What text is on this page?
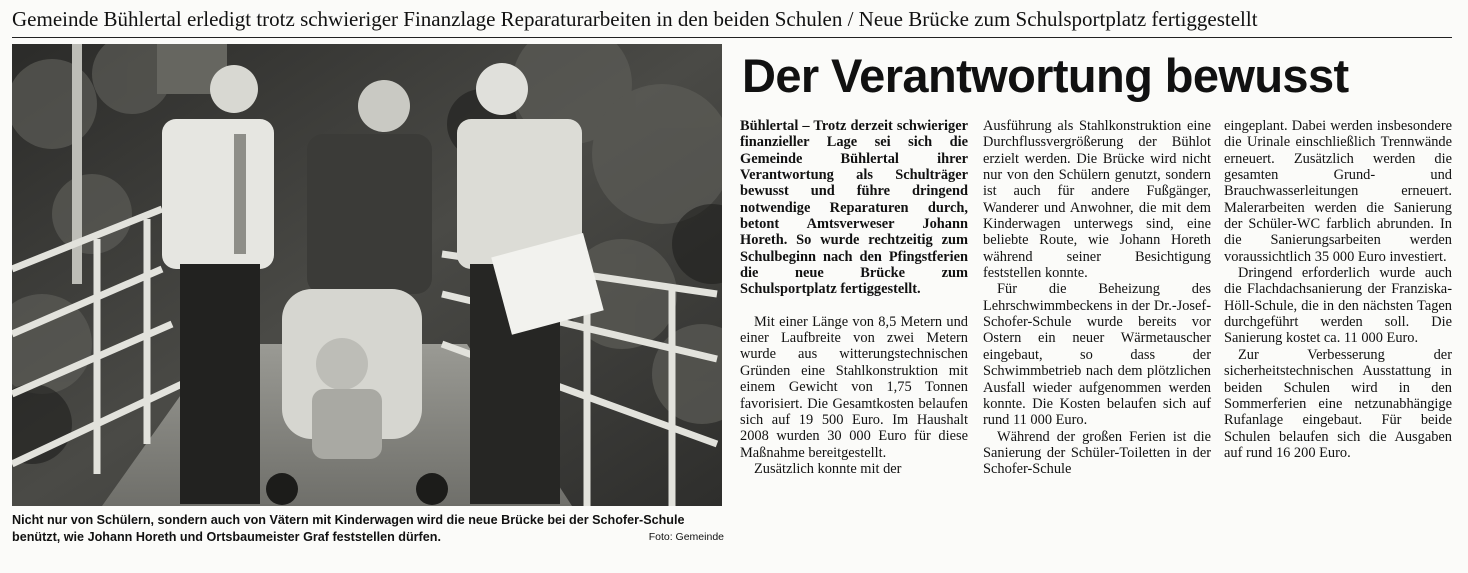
Gemeinde Bühlertal erledigt trotz schwieriger Finanzlage Reparaturarbeiten in den beiden Schulen / Neue Brücke zum Schulsportplatz fertiggestellt
Nicht nur von Schülern, sondern auch von Vätern mit Kinderwagen wird die neue Brücke bei der Schofer-Schule benützt, wie Johann Horeth und Ortsbaumeister Graf feststellen dürfen.	Foto: Gemeinde
Der Verantwortung bewusst

Bühlertal – Trotz derzeit schwieriger finanzieller Lage sei sich die Gemeinde Bühlertal ihrer Verantwortung als Schulträger bewusst und führe dringend notwendige Reparaturen durch, betont Amtsverweser Johann Horeth. So wurde rechtzeitig zum Schulbeginn nach den Pfingstferien die neue Brücke zum Schulsportplatz fertiggestellt.

Mit einer Länge von 8,5 Metern und einer Laufbreite von zwei Metern wurde aus witterungstechnischen Gründen eine Stahlkonstruktion mit einem Gewicht von 1,75 Tonnen favorisiert. Die Gesamtkosten belaufen sich auf 19 500 Euro. Im Haushalt 2008 wurden 30 000 Euro für diese Maßnahme bereitgestellt.

Zusätzlich konnte mit der

Ausführung als Stahlkonstruktion eine Durchflussvergrößerung der Bühlot erzielt werden. Die Brücke wird nicht nur von den Schülern genutzt, sondern ist auch für andere Fußgänger, Wanderer und Anwohner, die mit dem Kinderwagen unterwegs sind, eine beliebte Route, wie Johann Horeth während seiner Besichtigung feststellen konnte.

Für die Beheizung des Lehrschwimmbeckens in der Dr.-Josef-Schofer-Schule wurde bereits vor Ostern ein neuer Wärmetauscher eingebaut, so dass der Schwimmbetrieb nach dem plötzlichen Ausfall wieder aufgenommen werden konnte. Die Kosten belaufen sich auf rund 11 000 Euro.

Während der großen Ferien ist die Sanierung der Schüler-Toiletten in der Schofer-Schule

eingeplant. Dabei werden insbesondere die Urinale einschließlich Trennwände erneuert. Zusätzlich werden die gesamten Grund- und Brauchwasserleitungen erneuert. Malerarbeiten werden die Sanierung der Schüler-WC farblich abrunden. In die Sanierungsarbeiten werden voraussichtlich 35 000 Euro investiert.

Dringend erforderlich wurde auch die Flachdachsanierung der Franziska-Höll-Schule, die in den nächsten Tagen durchgeführt werden soll. Die Sanierung kostet ca. 11 000 Euro.

Zur Verbesserung der sicherheitstechnischen Ausstattung in beiden Schulen wird in den Sommerferien eine netzunabhängige Rufanlage eingebaut. Für beide Schulen belaufen sich die Ausgaben auf rund 16 200 Euro.
